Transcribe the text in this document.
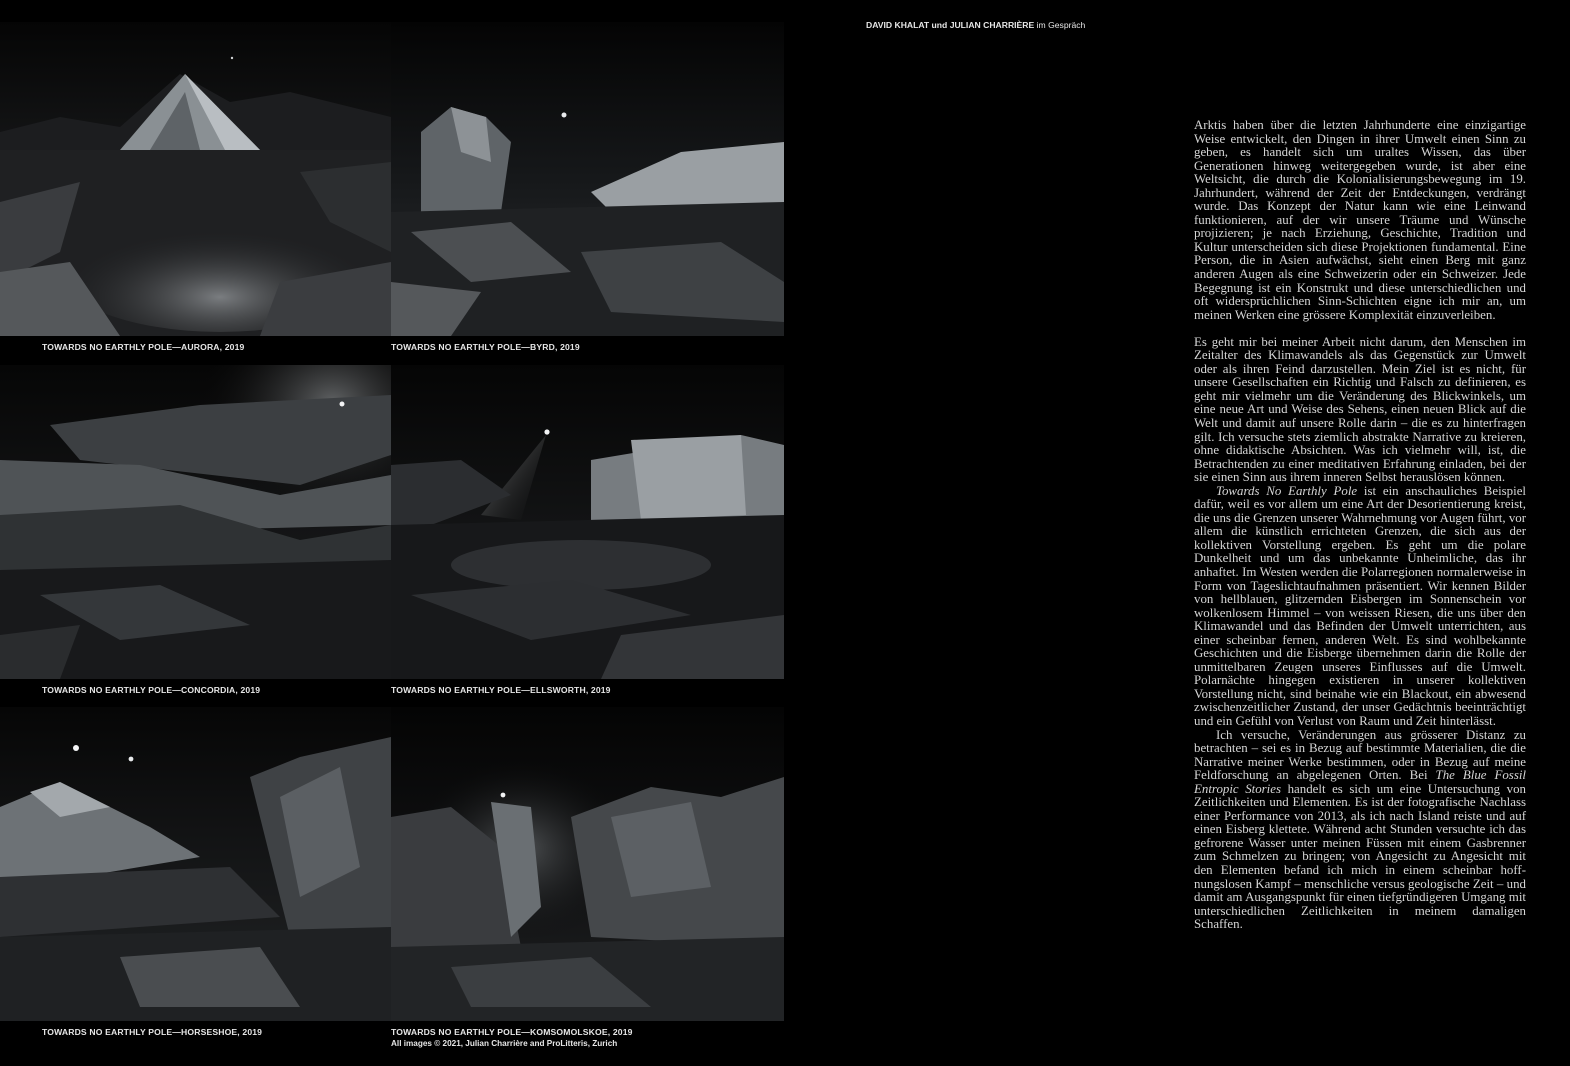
DAVID KHALAT und JULIAN CHARRIÈRE im Gespräch
TOWARDS NO EARTHLY POLE—AURORA, 2019	TOWARDS NO EARTHLY POLE—BYRD, 2019
TOWARDS NO EARTHLY POLE—CONCORDIA, 2019	TOWARDS NO EARTHLY POLE—ELLSWORTH, 2019
TOWARDS NO EARTHLY POLE—HORSESHOE, 2019	TOWARDS NO EARTHLY POLE—KOMSOMOLSKOE, 2019
All images © 2021, Julian Charrière and ProLitteris, Zurich

Arktis haben über die letzten Jahrhunderte eine einzigartige Weise entwickelt, den Dingen in ihrer Umwelt einen Sinn zu geben, es handelt sich um uraltes Wissen, das über Generationen hinweg weitergegeben wurde, ist aber eine Weltsicht, die durch die Kolonialisierungsbewegung im 19. Jahrhundert, während der Zeit der Entdeckungen, verdrängt wurde. Das Konzept der Natur kann wie eine Leinwand funktionieren, auf der wir unsere Träume und Wünsche projizieren; je nach Erziehung, Geschichte, Tradition und Kultur unterscheiden sich diese Projektionen fundamental. Eine Person, die in Asien aufwächst, sieht einen Berg mit ganz anderen Augen als eine Schweizerin oder ein Schweizer. Jede Begegnung ist ein Konstrukt und diese unterschiedlichen und oft widersprüchlichen Sinn-Schichten eigne ich mir an, um meinen Werken eine grössere Komplexität einzuverleiben.

Es geht mir bei meiner Arbeit nicht darum, den Menschen im Zeitalter des Klimawandels als das Gegenstück zur Umwelt oder als ihren Feind darzustellen. Mein Ziel ist es nicht, für unsere Gesellschaften ein Richtig und Falsch zu definieren, es geht mir vielmehr um die Veränderung des Blickwinkels, um eine neue Art und Weise des Sehens, einen neuen Blick auf die Welt und damit auf unsere Rolle darin – die es zu hinterfragen gilt. Ich versuche stets ziemlich abstrakte Narrative zu kreieren, ohne didaktische Absichten. Was ich vielmehr will, ist, die Betrachtenden zu einer meditativen Erfahrung einladen, bei der sie einen Sinn aus ihrem inneren Selbst herauslösen können.

Towards No Earthly Pole ist ein anschauliches Beispiel dafür, weil es vor allem um eine Art der Desorientierung kreist, die uns die Grenzen unserer Wahrnehmung vor Augen führt, vor allem die künstlich errichteten Grenzen, die sich aus der kollektiven Vorstellung ergeben. Es geht um die polare Dunkelheit und um das unbekannte Unheimliche, das ihr anhaftet. Im Westen werden die Polarregionen normalerweise in Form von Tageslichtaufnahmen präsentiert. Wir kennen Bilder von hellblauen, glitzernden Eisbergen im Sonnenschein vor wolkenlosem Himmel – von weissen Riesen, die uns über den Klimawandel und das Befinden der Umwelt unterrichten, aus einer scheinbar fernen, anderen Welt. Es sind wohlbekannte Geschichten und die Eisberge übernehmen darin die Rolle der unmittelbaren Zeugen unseres Einflusses auf die Umwelt. Polarnächte hingegen existieren in unserer kollektiven Vorstellung nicht, sind beinahe wie ein Blackout, ein abwesend zwischenzeitlicher Zustand, der unser Gedächtnis beeinträchtigt und ein Gefühl von Verlust von Raum und Zeit hinterlässt.

Ich versuche, Veränderungen aus grösserer Distanz zu betrachten – sei es in Bezug auf bestimmte Materialien, die die Narrative meiner Werke bestimmen, oder in Bezug auf meine Feldforschung an abgelegenen Orten. Bei The Blue Fossil Entropic Stories handelt es sich um eine Untersuchung von Zeitlichkeiten und Elementen. Es ist der fotografische Nachlass einer Performance von 2013, als ich nach Island reiste und auf einen Eisberg klettete. Während acht Stunden versuchte ich das gefrorene Wasser unter meinen Füssen mit einem Gasbrenner zum Schmelzen zu bringen; von Angesicht zu Angesicht mit den Elementen befand ich mich in einem scheinbar hoffnungslosen Kampf – menschliche versus geologische Zeit – und damit am Ausgangspunkt für einen tiefgründigeren Umgang mit unterschiedlichen Zeitlichkeiten in meinem damaligen Schaffen.
